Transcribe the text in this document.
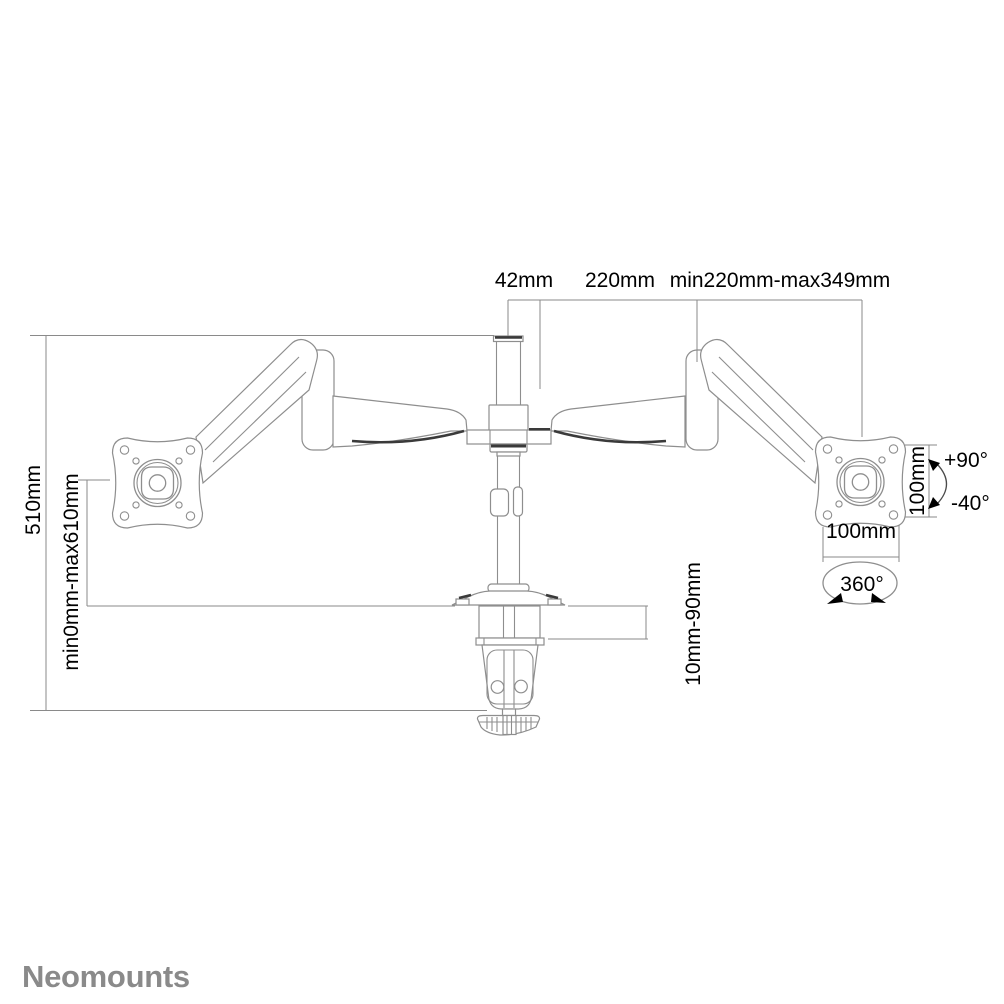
42mm 220mm min220mm-max349mm
510mm min0mm-max610mm	10mm-90mm
100mm
100mm
+90°
-40°
360°
Neomounts
